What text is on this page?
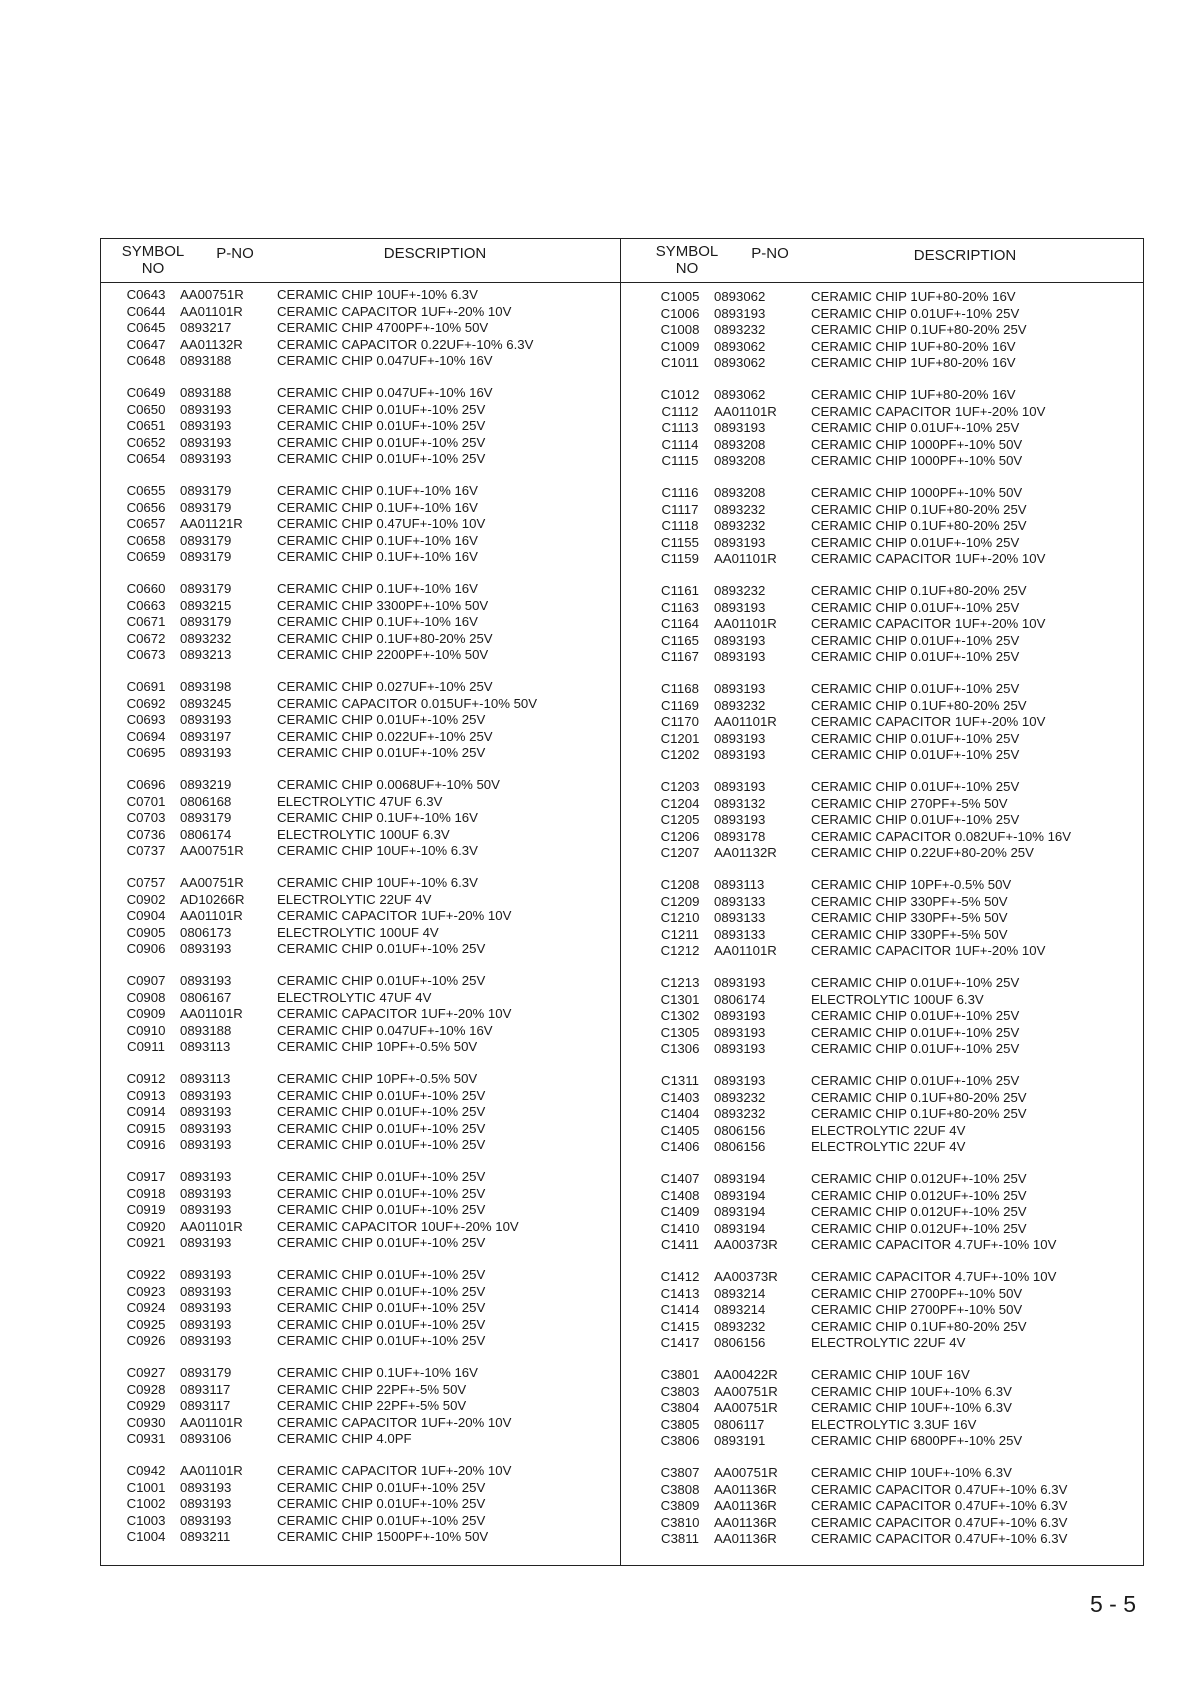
SYMBOL
NO
P-NO	DESCRIPTION	SYMBOL
NO
P-NO	DESCRIPTION
C0643	AA00751R	CERAMIC CHIP 10UF+-10% 6.3V
C0644	AA01101R	CERAMIC CAPACITOR 1UF+-20% 10V
C0645	0893217	CERAMIC CHIP 4700PF+-10% 50V
C0647	AA01132R	CERAMIC CAPACITOR 0.22UF+-10% 6.3V
C0648	0893188	CERAMIC CHIP 0.047UF+-10% 16V
C0649	0893188	CERAMIC CHIP 0.047UF+-10% 16V
C0650	0893193	CERAMIC CHIP 0.01UF+-10% 25V
C0651	0893193	CERAMIC CHIP 0.01UF+-10% 25V
C0652	0893193	CERAMIC CHIP 0.01UF+-10% 25V
C0654	0893193	CERAMIC CHIP 0.01UF+-10% 25V
C0655	0893179	CERAMIC CHIP 0.1UF+-10% 16V
C0656	0893179	CERAMIC CHIP 0.1UF+-10% 16V
C0657	AA01121R	CERAMIC CHIP 0.47UF+-10% 10V
C0658	0893179	CERAMIC CHIP 0.1UF+-10% 16V
C0659	0893179	CERAMIC CHIP 0.1UF+-10% 16V
C0660	0893179	CERAMIC CHIP 0.1UF+-10% 16V
C0663	0893215	CERAMIC CHIP 3300PF+-10% 50V
C0671	0893179	CERAMIC CHIP 0.1UF+-10% 16V
C0672	0893232	CERAMIC CHIP 0.1UF+80-20% 25V
C0673	0893213	CERAMIC CHIP 2200PF+-10% 50V
C0691	0893198	CERAMIC CHIP 0.027UF+-10% 25V
C0692	0893245	CERAMIC CAPACITOR 0.015UF+-10% 50V
C0693	0893193	CERAMIC CHIP 0.01UF+-10% 25V
C0694	0893197	CERAMIC CHIP 0.022UF+-10% 25V
C0695	0893193	CERAMIC CHIP 0.01UF+-10% 25V
C0696	0893219	CERAMIC CHIP 0.0068UF+-10% 50V
C0701	0806168	ELECTROLYTIC 47UF 6.3V
C0703	0893179	CERAMIC CHIP 0.1UF+-10% 16V
C0736	0806174	ELECTROLYTIC 100UF 6.3V
C0737	AA00751R	CERAMIC CHIP 10UF+-10% 6.3V
C0757	AA00751R	CERAMIC CHIP 10UF+-10% 6.3V
C0902	AD10266R	ELECTROLYTIC 22UF 4V
C0904	AA01101R	CERAMIC CAPACITOR 1UF+-20% 10V
C0905	0806173	ELECTROLYTIC 100UF 4V
C0906	0893193	CERAMIC CHIP 0.01UF+-10% 25V
C0907	0893193	CERAMIC CHIP 0.01UF+-10% 25V
C0908	0806167	ELECTROLYTIC 47UF 4V
C0909	AA01101R	CERAMIC CAPACITOR 1UF+-20% 10V
C0910	0893188	CERAMIC CHIP 0.047UF+-10% 16V
C0911	0893113	CERAMIC CHIP 10PF+-0.5% 50V
C0912	0893113	CERAMIC CHIP 10PF+-0.5% 50V
C0913	0893193	CERAMIC CHIP 0.01UF+-10% 25V
C0914	0893193	CERAMIC CHIP 0.01UF+-10% 25V
C0915	0893193	CERAMIC CHIP 0.01UF+-10% 25V
C0916	0893193	CERAMIC CHIP 0.01UF+-10% 25V
C0917	0893193	CERAMIC CHIP 0.01UF+-10% 25V
C0918	0893193	CERAMIC CHIP 0.01UF+-10% 25V
C0919	0893193	CERAMIC CHIP 0.01UF+-10% 25V
C0920	AA01101R	CERAMIC CAPACITOR 10UF+-20% 10V
C0921	0893193	CERAMIC CHIP 0.01UF+-10% 25V
C0922	0893193	CERAMIC CHIP 0.01UF+-10% 25V
C0923	0893193	CERAMIC CHIP 0.01UF+-10% 25V
C0924	0893193	CERAMIC CHIP 0.01UF+-10% 25V
C0925	0893193	CERAMIC CHIP 0.01UF+-10% 25V
C0926	0893193	CERAMIC CHIP 0.01UF+-10% 25V
C0927	0893179	CERAMIC CHIP 0.1UF+-10% 16V
C0928	0893117	CERAMIC CHIP 22PF+-5% 50V
C0929	0893117	CERAMIC CHIP 22PF+-5% 50V
C0930	AA01101R	CERAMIC CAPACITOR 1UF+-20% 10V
C0931	0893106	CERAMIC CHIP 4.0PF
C0942	AA01101R	CERAMIC CAPACITOR 1UF+-20% 10V
C1001	0893193	CERAMIC CHIP 0.01UF+-10% 25V
C1002	0893193	CERAMIC CHIP 0.01UF+-10% 25V
C1003	0893193	CERAMIC CHIP 0.01UF+-10% 25V
C1004	0893211	CERAMIC CHIP 1500PF+-10% 50V
C1005	0893062	CERAMIC CHIP 1UF+80-20% 16V
C1006	0893193	CERAMIC CHIP 0.01UF+-10% 25V
C1008	0893232	CERAMIC CHIP 0.1UF+80-20% 25V
C1009	0893062	CERAMIC CHIP 1UF+80-20% 16V
C1011	0893062	CERAMIC CHIP 1UF+80-20% 16V
C1012	0893062	CERAMIC CHIP 1UF+80-20% 16V
C1112	AA01101R	CERAMIC CAPACITOR 1UF+-20% 10V
C1113	0893193	CERAMIC CHIP 0.01UF+-10% 25V
C1114	0893208	CERAMIC CHIP 1000PF+-10% 50V
C1115	0893208	CERAMIC CHIP 1000PF+-10% 50V
C1116	0893208	CERAMIC CHIP 1000PF+-10% 50V
C1117	0893232	CERAMIC CHIP 0.1UF+80-20% 25V
C1118	0893232	CERAMIC CHIP 0.1UF+80-20% 25V
C1155	0893193	CERAMIC CHIP 0.01UF+-10% 25V
C1159	AA01101R	CERAMIC CAPACITOR 1UF+-20% 10V
C1161	0893232	CERAMIC CHIP 0.1UF+80-20% 25V
C1163	0893193	CERAMIC CHIP 0.01UF+-10% 25V
C1164	AA01101R	CERAMIC CAPACITOR 1UF+-20% 10V
C1165	0893193	CERAMIC CHIP 0.01UF+-10% 25V
C1167	0893193	CERAMIC CHIP 0.01UF+-10% 25V
C1168	0893193	CERAMIC CHIP 0.01UF+-10% 25V
C1169	0893232	CERAMIC CHIP 0.1UF+80-20% 25V
C1170	AA01101R	CERAMIC CAPACITOR 1UF+-20% 10V
C1201	0893193	CERAMIC CHIP 0.01UF+-10% 25V
C1202	0893193	CERAMIC CHIP 0.01UF+-10% 25V
C1203	0893193	CERAMIC CHIP 0.01UF+-10% 25V
C1204	0893132	CERAMIC CHIP 270PF+-5% 50V
C1205	0893193	CERAMIC CHIP 0.01UF+-10% 25V
C1206	0893178	CERAMIC CAPACITOR 0.082UF+-10% 16V
C1207	AA01132R	CERAMIC CHIP 0.22UF+80-20% 25V
C1208	0893113	CERAMIC CHIP 10PF+-0.5% 50V
C1209	0893133	CERAMIC CHIP 330PF+-5% 50V
C1210	0893133	CERAMIC CHIP 330PF+-5% 50V
C1211	0893133	CERAMIC CHIP 330PF+-5% 50V
C1212	AA01101R	CERAMIC CAPACITOR 1UF+-20% 10V
C1213	0893193	CERAMIC CHIP 0.01UF+-10% 25V
C1301	0806174	ELECTROLYTIC 100UF 6.3V
C1302	0893193	CERAMIC CHIP 0.01UF+-10% 25V
C1305	0893193	CERAMIC CHIP 0.01UF+-10% 25V
C1306	0893193	CERAMIC CHIP 0.01UF+-10% 25V
C1311	0893193	CERAMIC CHIP 0.01UF+-10% 25V
C1403	0893232	CERAMIC CHIP 0.1UF+80-20% 25V
C1404	0893232	CERAMIC CHIP 0.1UF+80-20% 25V
C1405	0806156	ELECTROLYTIC 22UF 4V
C1406	0806156	ELECTROLYTIC 22UF 4V
C1407	0893194	CERAMIC CHIP 0.012UF+-10% 25V
C1408	0893194	CERAMIC CHIP 0.012UF+-10% 25V
C1409	0893194	CERAMIC CHIP 0.012UF+-10% 25V
C1410	0893194	CERAMIC CHIP 0.012UF+-10% 25V
C1411	AA00373R	CERAMIC CAPACITOR 4.7UF+-10% 10V
C1412	AA00373R	CERAMIC CAPACITOR 4.7UF+-10% 10V
C1413	0893214	CERAMIC CHIP 2700PF+-10% 50V
C1414	0893214	CERAMIC CHIP 2700PF+-10% 50V
C1415	0893232	CERAMIC CHIP 0.1UF+80-20% 25V
C1417	0806156	ELECTROLYTIC 22UF 4V
C3801	AA00422R	CERAMIC CHIP 10UF 16V
C3803	AA00751R	CERAMIC CHIP 10UF+-10% 6.3V
C3804	AA00751R	CERAMIC CHIP 10UF+-10% 6.3V
C3805	0806117	ELECTROLYTIC 3.3UF 16V
C3806	0893191	CERAMIC CHIP 6800PF+-10% 25V
C3807	AA00751R	CERAMIC CHIP 10UF+-10% 6.3V
C3808	AA01136R	CERAMIC CAPACITOR 0.47UF+-10% 6.3V
C3809	AA01136R	CERAMIC CAPACITOR 0.47UF+-10% 6.3V
C3810	AA01136R	CERAMIC CAPACITOR 0.47UF+-10% 6.3V
C3811	AA01136R	CERAMIC CAPACITOR 0.47UF+-10% 6.3V
5 - 5
